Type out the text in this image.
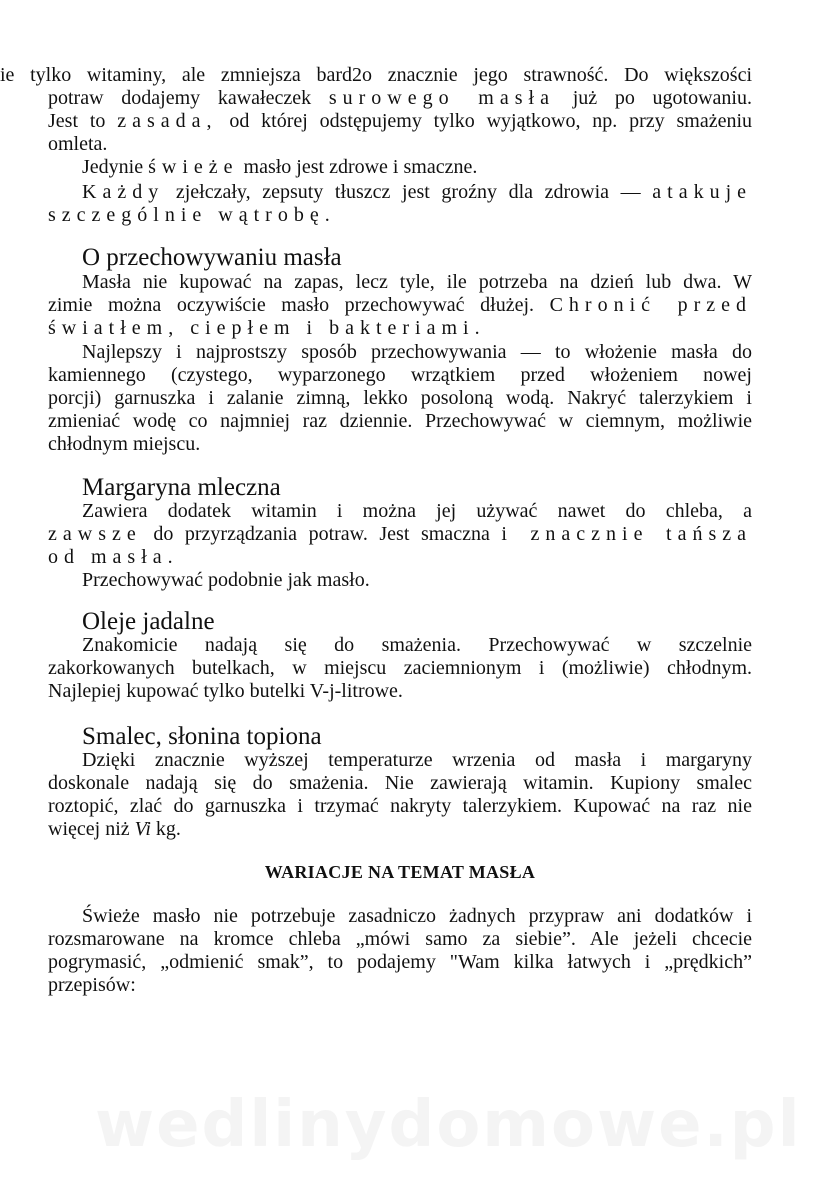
ie tylko witaminy, ale zmniejsza bard2o znacznie jego strawność. Do większości
potraw dodajemy kawałeczek surowego masła już po ugotowaniu.
Jest to zasada, od której odstępujemy tylko wyjątkowo, np. przy smażeniu
omleta.
Jedynie świeże masło jest zdrowe i smaczne.
Każdy zjełczały, zepsuty tłuszcz jest groźny dla zdrowia — atakuje
szczególnie wątrobę.
O przechowywaniu masła
Masła nie kupować na zapas, lecz tyle, ile potrzeba na dzień lub dwa. W
zimie można oczywiście masło przechowywać dłużej. Chronić przed
światłem, ciepłem i bakteriami.
Najlepszy i najprostszy sposób przechowywania — to włożenie masła do
kamiennego (czystego, wyparzonego wrzątkiem przed włożeniem nowej
porcji) garnuszka i zalanie zimną, lekko posoloną wodą. Nakryć talerzykiem i
zmieniać wodę co najmniej raz dziennie. Przechowywać w ciemnym, możliwie
chłodnym miejscu.
Margaryna mleczna
Zawiera dodatek witamin i można jej używać nawet do chleba, a
zawsze do przyrządzania potraw. Jest smaczna i znacznie tańsza
od masła.
Przechowywać podobnie jak masło.
Oleje jadalne
Znakomicie nadają się do smażenia. Przechowywać w szczelnie
zakorkowanych butelkach, w miejscu zaciemnionym i (możliwie) chłodnym.
Najlepiej kupować tylko butelki V-j-litrowe.
Smalec, słonina topiona
Dzięki znacznie wyższej temperaturze wrzenia od masła i margaryny
doskonale nadają się do smażenia. Nie zawierają witamin. Kupiony smalec
roztopić, zlać do garnuszka i trzymać nakryty talerzykiem. Kupować na raz nie
więcej niż Vi kg.
WARIACJE NA TEMAT MASŁA
Świeże masło nie potrzebuje zasadniczo żadnych przypraw ani dodatków i
rozsmarowane na kromce chleba „mówi samo za siebie”. Ale jeżeli chcecie
pogrymasić, „odmienić smak”, to podajemy "Wam kilka łatwych i „prędkich”
przepisów:
wedlinydomowe.pl
